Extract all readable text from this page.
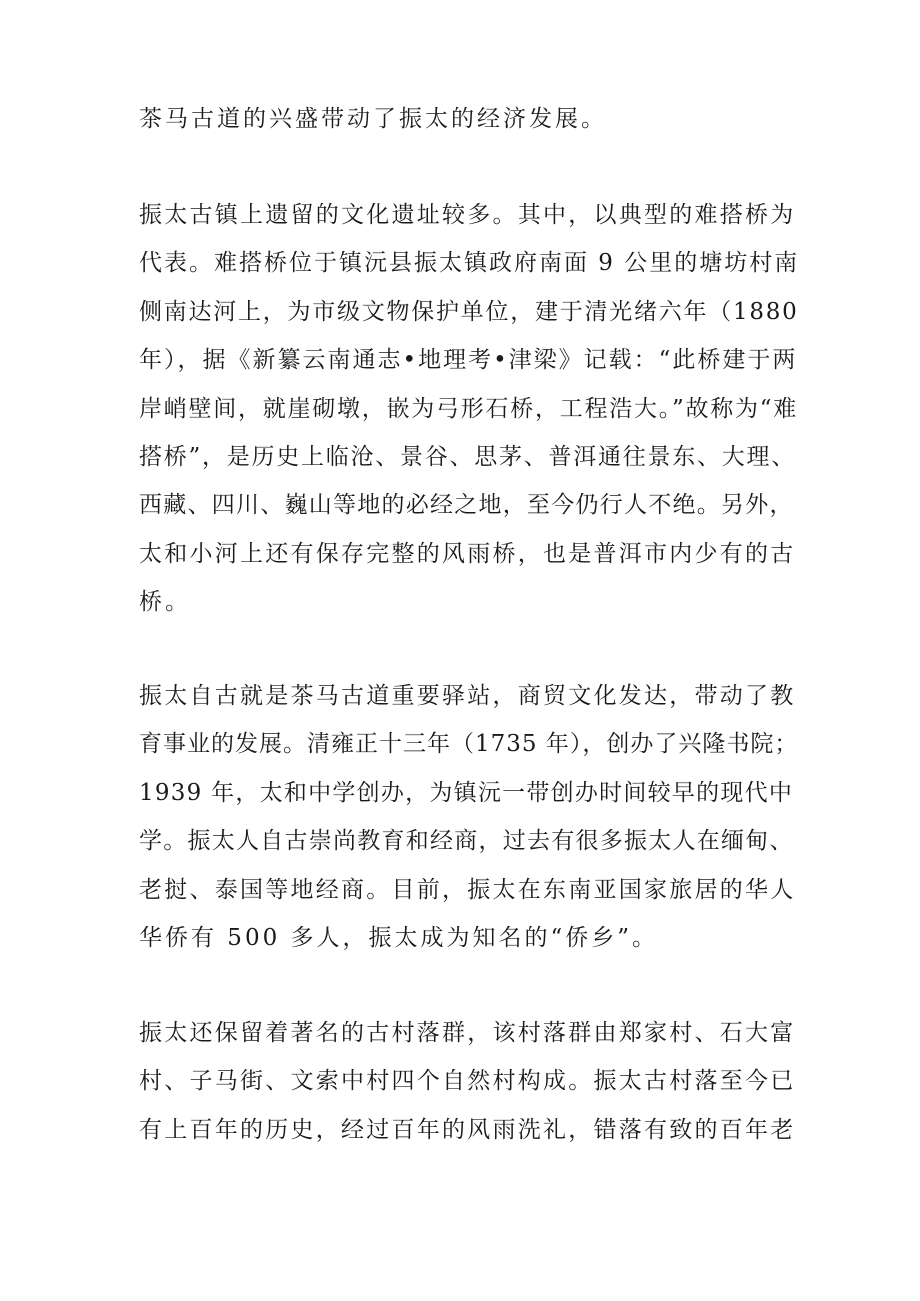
茶马古道的兴盛带动了振太的经济发展。

振太古镇上遗留的文化遗址较多。其中，以典型的难搭桥为
代表。难搭桥位于镇沅县振太镇政府南面 9 公里的塘坊村南
侧南达河上，为市级文物保护单位，建于清光绪六年（1880
年），据《新纂云南通志•地理考•津梁》记载：“此桥建于两
岸峭壁间，就崖砌墩，嵌为弓形石桥，工程浩大。”故称为“难
搭桥”，是历史上临沧、景谷、思茅、普洱通往景东、大理、
西藏、四川、巍山等地的必经之地，至今仍行人不绝。另外，
太和小河上还有保存完整的风雨桥，也是普洱市内少有的古
桥。

振太自古就是茶马古道重要驿站，商贸文化发达，带动了教
育事业的发展。清雍正十三年（1735 年），创办了兴隆书院；
1939 年，太和中学创办，为镇沅一带创办时间较早的现代中
学。振太人自古崇尚教育和经商，过去有很多振太人在缅甸、
老挝、泰国等地经商。目前，振太在东南亚国家旅居的华人
华侨有 500 多人，振太成为知名的“侨乡”。

振太还保留着著名的古村落群，该村落群由郑家村、石大富
村、子马街、文索中村四个自然村构成。振太古村落至今已
有上百年的历史，经过百年的风雨洗礼，错落有致的百年老
